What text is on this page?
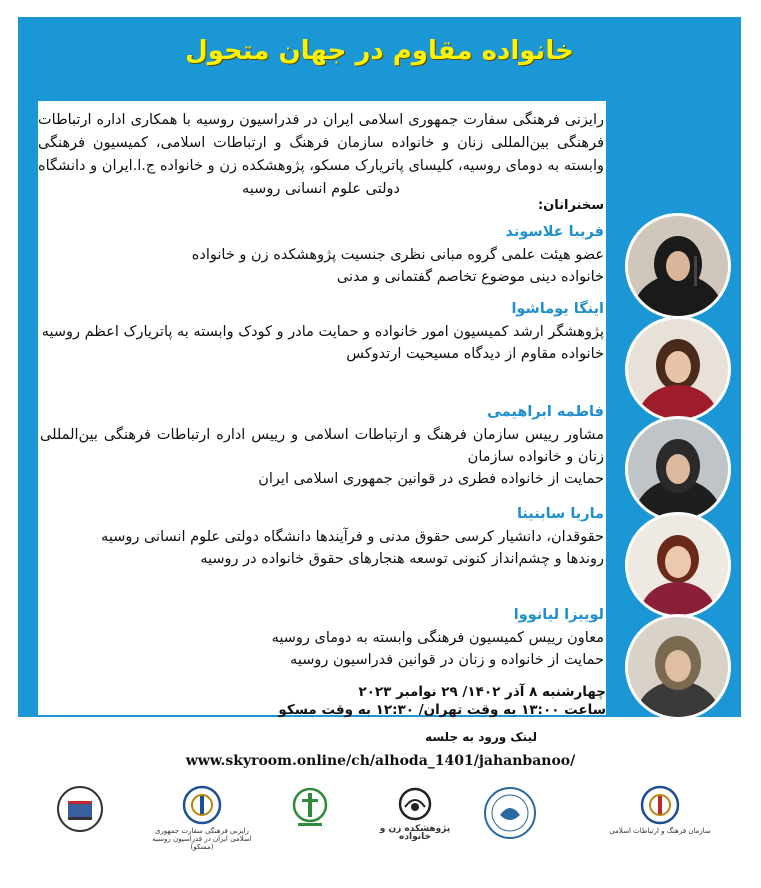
خانواده مقاوم در جهان متحول
رایزنی فرهنگی سفارت جمهوری اسلامی ایران در فدراسیون روسیه با همکاری اداره ارتباطات فرهنگی بین‌المللی زنان و خانواده سازمان فرهنگ و ارتباطات اسلامی، کمیسیون فرهنگی وابسته به دومای روسیه، کلیسای پاتریارک مسکو، پژوهشکده زن و خانواده ج.ا.ایران و دانشگاه دولتی علوم انسانی روسیه
سخنرانان:
فریبا علاسوند
عضو هیئت علمی گروه مبانی نظری جنسیت پژوهشکده زن و خانواده
خانواده دینی موضوع تخاصم گفتمانی و مدنی
اینگا یوماشوا
پژوهشگر ارشد کمیسیون امور خانواده و حمایت مادر و کودک وابسته به پاتریارک اعظم روسیه
خانواده مقاوم از دیدگاه مسیحیت ارتدوکس
فاطمه ابراهیمی
مشاور رییس سازمان فرهنگ و ارتباطات اسلامی و رییس اداره ارتباطات فرهنگی بین‌المللی زنان و خانواده سازمان
حمایت از خانواده فطری در قوانین جمهوری اسلامی ایران
ماریا سابنینا
حقوقدان، دانشیار کرسی حقوق مدنی و فرآیندها دانشگاه دولتی علوم انسانی روسیه
روندها و چشم‌انداز کنونی توسعه هنجارهای حقوق خانواده در روسیه
لوییزا لیانووا
معاون رییس کمیسیون فرهنگی وابسته به دومای روسیه
حمایت از خانواده و زنان در قوانین فدراسیون روسیه
چهارشنبه ۸ آذر ۱۴۰۲/ ۲۹ نوامبر ۲۰۲۳
ساعت ۱۳:۰۰ به وقت تهران/ ۱۲:۳۰ به وقت مسکو
لینک ورود به جلسه
www.skyroom.online/ch/alhoda_1401/jahanbanoo/
رایزنی فرهنگی سفارت جمهوری اسلامی ایران در فدراسیون روسیه (مسکو)
پژوهشکده زن و خانواده
سازمان فرهنگ و ارتباطات اسلامی
